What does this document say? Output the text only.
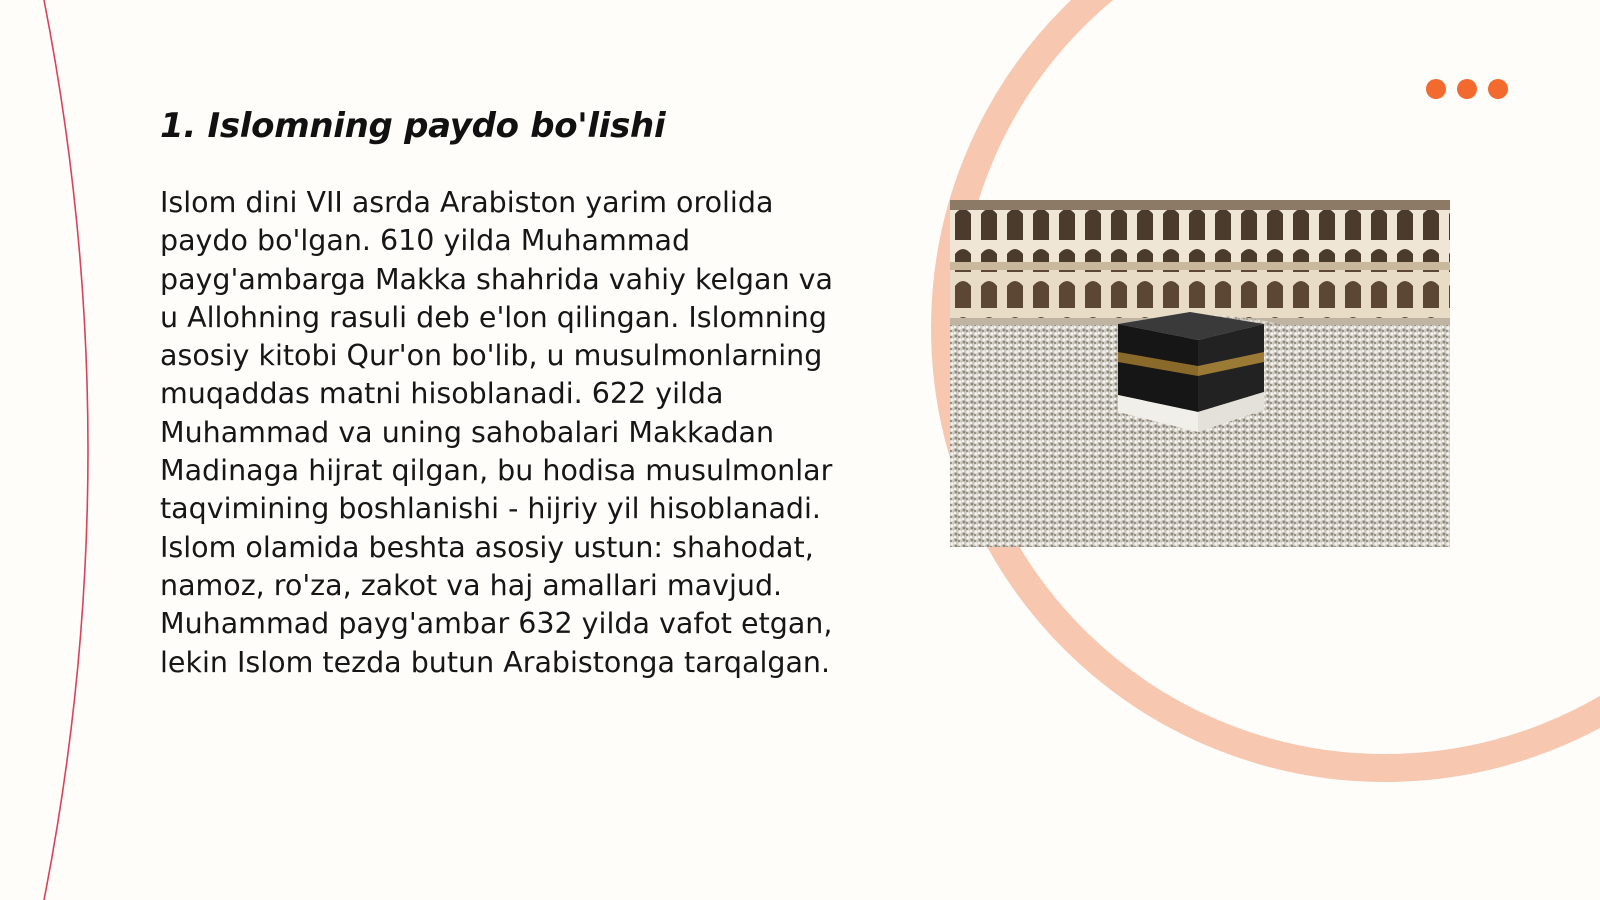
1. Islomning paydo bo'lishi

Islom dini VII asrda Arabiston yarim orolida paydo bo'lgan. 610 yilda Muhammad payg'ambarga Makka shahrida vahiy kelgan va u Allohning rasuli deb e'lon qilingan. Islomning asosiy kitobi Qur'on bo'lib, u musulmonlarning muqaddas matni hisoblanadi. 622 yilda Muhammad va uning sahobalari Makkadan Madinaga hijrat qilgan, bu hodisa musulmonlar taqvimining boshlanishi - hijriy yil hisoblanadi. Islom olamida beshta asosiy ustun: shahodat, namoz, ro'za, zakot va haj amallari mavjud. Muhammad payg'ambar 632 yilda vafot etgan, lekin Islom tezda butun Arabistonga tarqalgan.
